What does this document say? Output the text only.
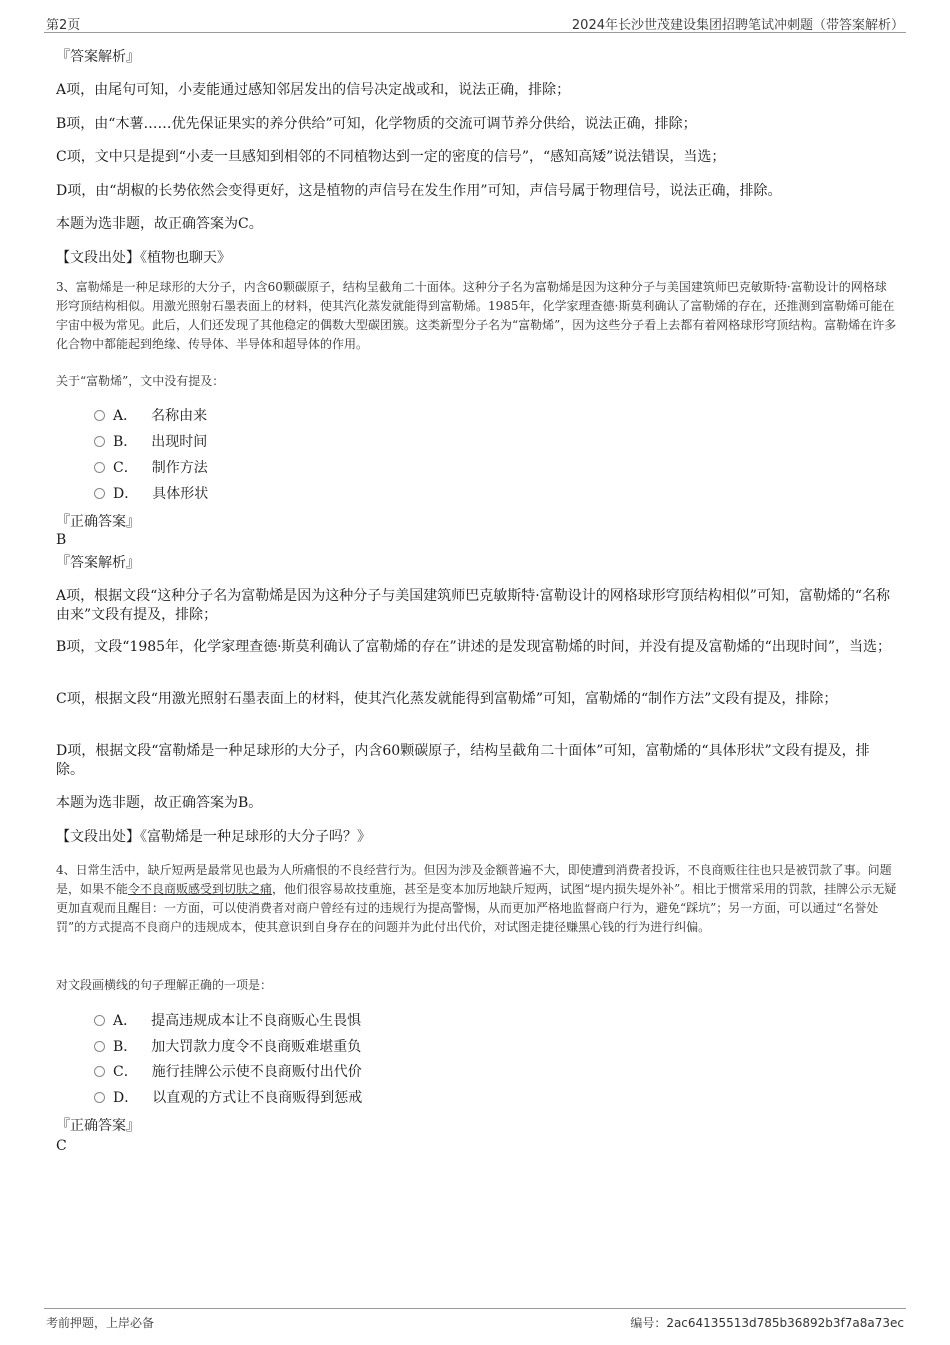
第2页	2024年长沙世茂建设集团招聘笔试冲刺题（带答案解析）
『答案解析』
A项，由尾句可知，小麦能通过感知邻居发出的信号决定战或和，说法正确，排除；
B项，由“木薯……优先保证果实的养分供给”可知，化学物质的交流可调节养分供给，说法正确，排除；
C项，文中只是提到“小麦一旦感知到相邻的不同植物达到一定的密度的信号”，“感知高矮”说法错误，当选；
D项，由“胡椒的长势依然会变得更好，这是植物的声信号在发生作用”可知，声信号属于物理信号，说法正确，排除。
本题为选非题，故正确答案为C。
【文段出处】《植物也聊天》
3、富勒烯是一种足球形的大分子，内含60颗碳原子，结构呈截角二十面体。这种分子名为富勒烯是因为这种分子与美国建筑师巴克敏斯特·富勒设计的网格球形穹顶结构相似。用激光照射石墨表面上的材料，使其汽化蒸发就能得到富勒烯。1985年，化学家理查德·斯莫利确认了富勒烯的存在，还推测到富勒烯可能在宇宙中极为常见。此后，人们还发现了其他稳定的偶数大型碳团簇。这类新型分子名为“富勒烯”，因为这些分子看上去都有着网格球形穹顶结构。富勒烯在许多化合物中都能起到绝缘、传导体、半导体和超导体的作用。
关于“富勒烯”，文中没有提及：
A． 名称由来
B． 出现时间
C． 制作方法
D． 具体形状
『正确答案』
B
『答案解析』
A项，根据文段“这种分子名为富勒烯是因为这种分子与美国建筑师巴克敏斯特·富勒设计的网格球形穹顶结构相似”可知，富勒烯的“名称由来”文段有提及，排除；
B项，文段“1985年，化学家理查德·斯莫利确认了富勒烯的存在”讲述的是发现富勒烯的时间，并没有提及富勒烯的“出现时间”，当选；
C项，根据文段“用激光照射石墨表面上的材料，使其汽化蒸发就能得到富勒烯”可知，富勒烯的“制作方法”文段有提及，排除；
D项，根据文段“富勒烯是一种足球形的大分子，内含60颗碳原子，结构呈截角二十面体”可知，富勒烯的“具体形状”文段有提及，排除。
本题为选非题，故正确答案为B。
【文段出处】《富勒烯是一种足球形的大分子吗？》
4、日常生活中，缺斤短两是最常见也最为人所痛恨的不良经营行为。但因为涉及金额普遍不大，即使遭到消费者投诉，不良商贩往往也只是被罚款了事。问题是，如果不能令不良商贩感受到切肤之痛，他们很容易故技重施，甚至是变本加厉地缺斤短两，试图“堤内损失堤外补”。相比于惯常采用的罚款，挂牌公示无疑更加直观而且醒目：一方面，可以使消费者对商户曾经有过的违规行为提高警惕，从而更加严格地监督商户行为，避免“踩坑”；另一方面，可以通过“名誉处罚”的方式提高不良商户的违规成本，使其意识到自身存在的问题并为此付出代价，对试图走捷径赚黑心钱的行为进行纠偏。
对文段画横线的句子理解正确的一项是：
A． 提高违规成本让不良商贩心生畏惧
B． 加大罚款力度令不良商贩难堪重负
C． 施行挂牌公示使不良商贩付出代价
D． 以直观的方式让不良商贩得到惩戒
『正确答案』
C
考前押题，上岸必备	编号：2ac64135513d785b36892b3f7a8a73ec
